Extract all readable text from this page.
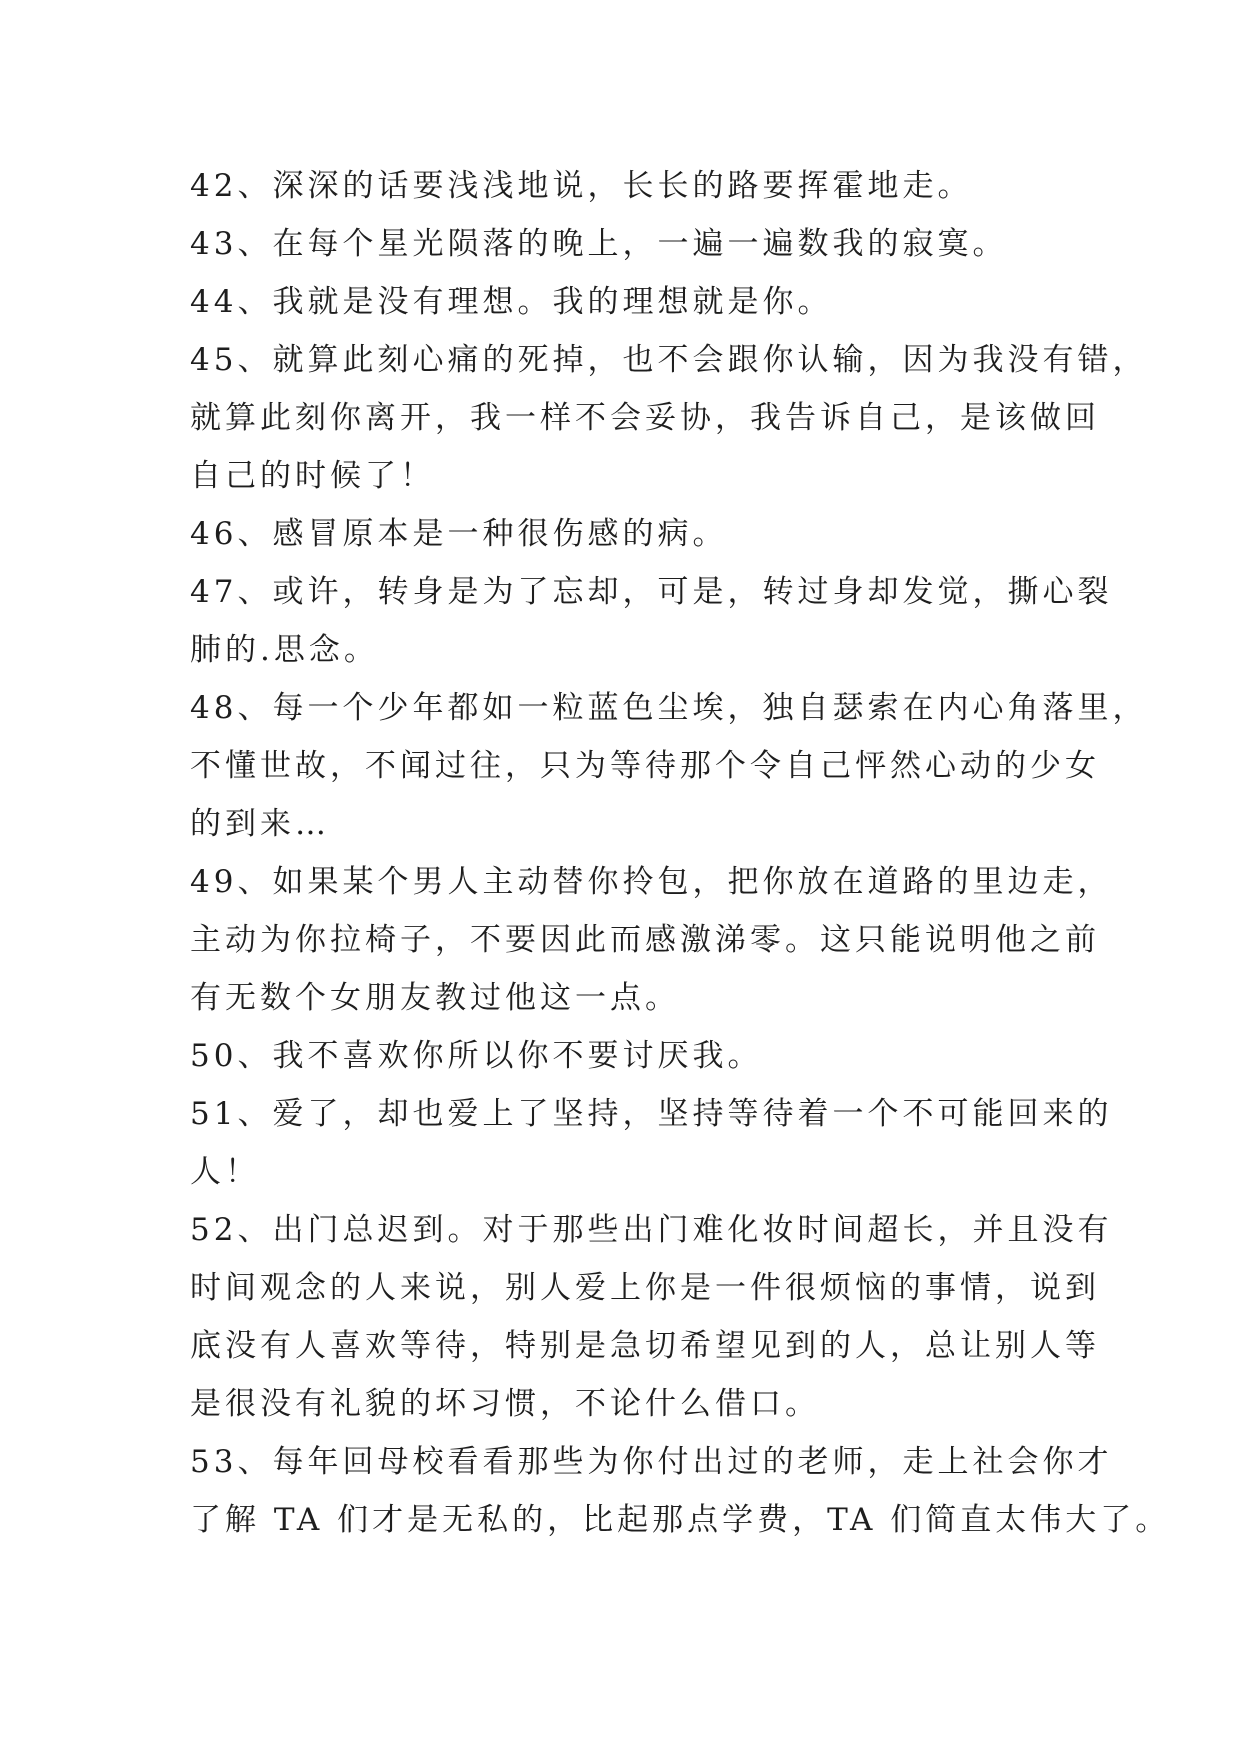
42、深深的话要浅浅地说，长长的路要挥霍地走。
43、在每个星光陨落的晚上，一遍一遍数我的寂寞。
44、我就是没有理想。我的理想就是你。
45、就算此刻心痛的死掉，也不会跟你认输，因为我没有错，
就算此刻你离开，我一样不会妥协，我告诉自己，是该做回
自己的时候了！
46、感冒原本是一种很伤感的病。
47、或许，转身是为了忘却，可是，转过身却发觉，撕心裂
肺的.思念。
48、每一个少年都如一粒蓝色尘埃，独自瑟索在内心角落里，
不懂世故，不闻过往，只为等待那个令自己怦然心动的少女
的到来…
49、如果某个男人主动替你拎包，把你放在道路的里边走，
主动为你拉椅子，不要因此而感激涕零。这只能说明他之前
有无数个女朋友教过他这一点。
50、我不喜欢你所以你不要讨厌我。
51、爱了，却也爱上了坚持，坚持等待着一个不可能回来的
人！
52、出门总迟到。对于那些出门难化妆时间超长，并且没有
时间观念的人来说，别人爱上你是一件很烦恼的事情，说到
底没有人喜欢等待，特别是急切希望见到的人，总让别人等
是很没有礼貌的坏习惯，不论什么借口。
53、每年回母校看看那些为你付出过的老师，走上社会你才
了解 TA 们才是无私的，比起那点学费，TA 们简直太伟大了。
